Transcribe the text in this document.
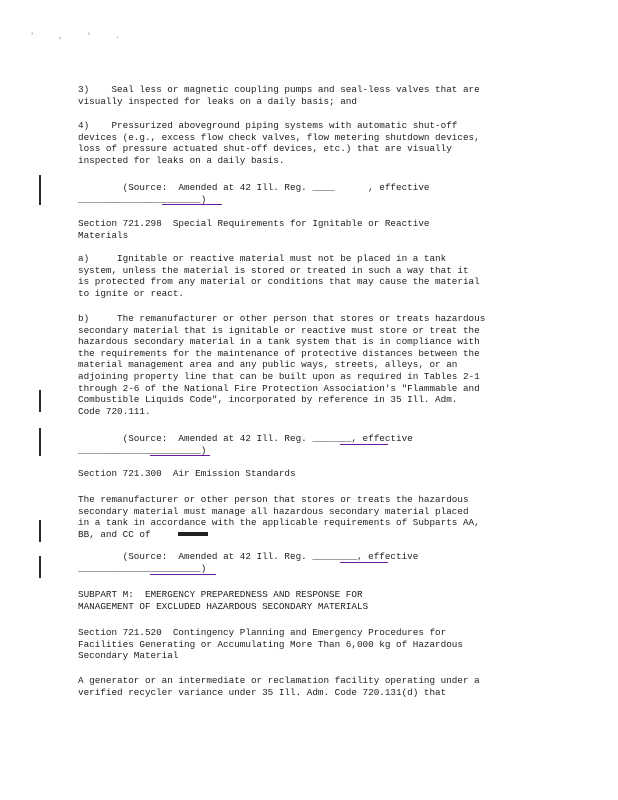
' , ' .

3)    Seal less or magnetic coupling pumps and seal-less valves that are
visually inspected for leaks on a daily basis; and

4)    Pressurized aboveground piping systems with automatic shut-off
devices (e.g., excess flow check valves, flow metering shutdown devices,
loss of pressure actuated shut-off devices, etc.) that are visually
inspected for leaks on a daily basis.

(Source:  Amended at 42 Ill. Reg. ____      , effective
______________________)

Section 721.298  Special Requirements for Ignitable or Reactive
Materials

a)     Ignitable or reactive material must not be placed in a tank
system, unless the material is stored or treated in such a way that it
is protected from any material or conditions that may cause the material
to ignite or react.

b)     The remanufacturer or other person that stores or treats hazardous
secondary material that is ignitable or reactive must store or treat the
hazardous secondary material in a tank system that is in compliance with
the requirements for the maintenance of protective distances between the
material management area and any public ways, streets, alleys, or an
adjoining property line that can be built upon as required in Tables 2-1
through 2-6 of the National Fire Protection Association's "Flammable and
Combustible Liquids Code", incorporated by reference in 35 Ill. Adm.
Code 720.111.

(Source:  Amended at 42 Ill. Reg. _______, effective
______________________)

Section 721.300  Air Emission Standards

The remanufacturer or other person that stores or treats the hazardous
secondary material must manage all hazardous secondary material placed
in a tank in accordance with the applicable requirements of Subparts AA,
BB, and CC of

(Source:  Amended at 42 Ill. Reg. ________, effective
______________________)

SUBPART M:  EMERGENCY PREPAREDNESS AND RESPONSE FOR
MANAGEMENT OF EXCLUDED HAZARDOUS SECONDARY MATERIALS

Section 721.520  Contingency Planning and Emergency Procedures for
Facilities Generating or Accumulating More Than 6,000 kg of Hazardous
Secondary Material

A generator or an intermediate or reclamation facility operating under a
verified recycler variance under 35 Ill. Adm. Code 720.131(d) that
